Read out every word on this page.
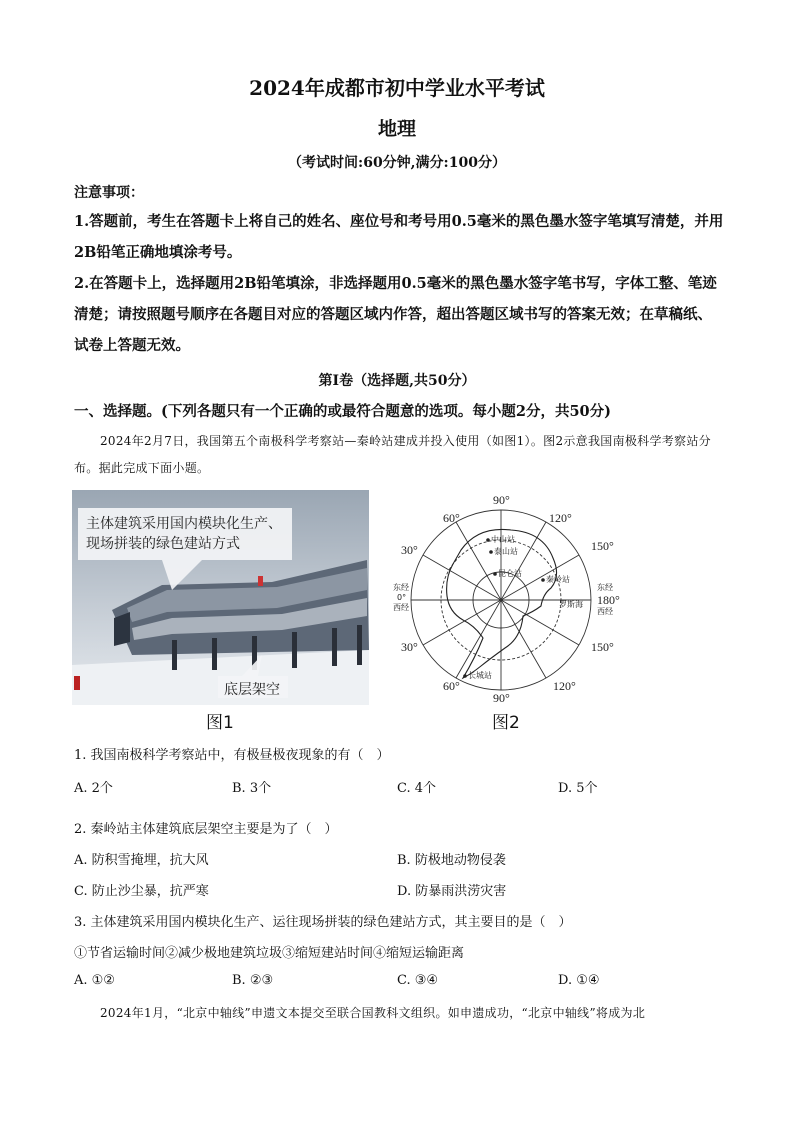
2024年成都市初中学业水平考试
地理
（考试时间:60分钟,满分:100分）
注意事项：
1.答题前，考生在答题卡上将自己的姓名、座位号和考号用0.5毫米的黑色墨水签字笔填写清楚，并用2B铅笔正确地填涂考号。
2.在答题卡上，选择题用2B铅笔填涂，非选择题用0.5毫米的黑色墨水签字笔书写，字体工整、笔迹清楚；请按照题号顺序在各题目对应的答题区域内作答，超出答题区域书写的答案无效；在草稿纸、试卷上答题无效。
第Ⅰ卷（选择题,共50分）
一、选择题。(下列各题只有一个正确的或最符合题意的选项。每小题2分，共50分)
2024年2月7日，我国第五个南极科学考察站—秦岭站建成并投入使用（如图1）。图2示意我国南极科学考察站分布。据此完成下面小题。
主体建筑采用国内模块化生产、现场拼装的绿色建站方式
底层架空
图1
90°
60°	120°
30°	150°
180°
30°	150°
60°	120°
90°
东经
0°
西经
东经
西经
中山站
泰山站
昆仑站
秦岭站
罗斯海
长城站
图2
1. 我国南极科学考察站中，有极昼极夜现象的有（　）
A. 2个	B. 3个	C. 4个	D. 5个
2. 秦岭站主体建筑底层架空主要是为了（　）
A. 防积雪掩埋，抗大风	B. 防极地动物侵袭
C. 防止沙尘暴，抗严寒	D. 防暴雨洪涝灾害
3. 主体建筑采用国内模块化生产、运往现场拼装的绿色建站方式，其主要目的是（　）
①节省运输时间②减少极地建筑垃圾③缩短建站时间④缩短运输距离
A. ①②	B. ②③	C. ③④	D. ①④
2024年1月，“北京中轴线”申遗文本提交至联合国教科文组织。如申遗成功，“北京中轴线”将成为北
